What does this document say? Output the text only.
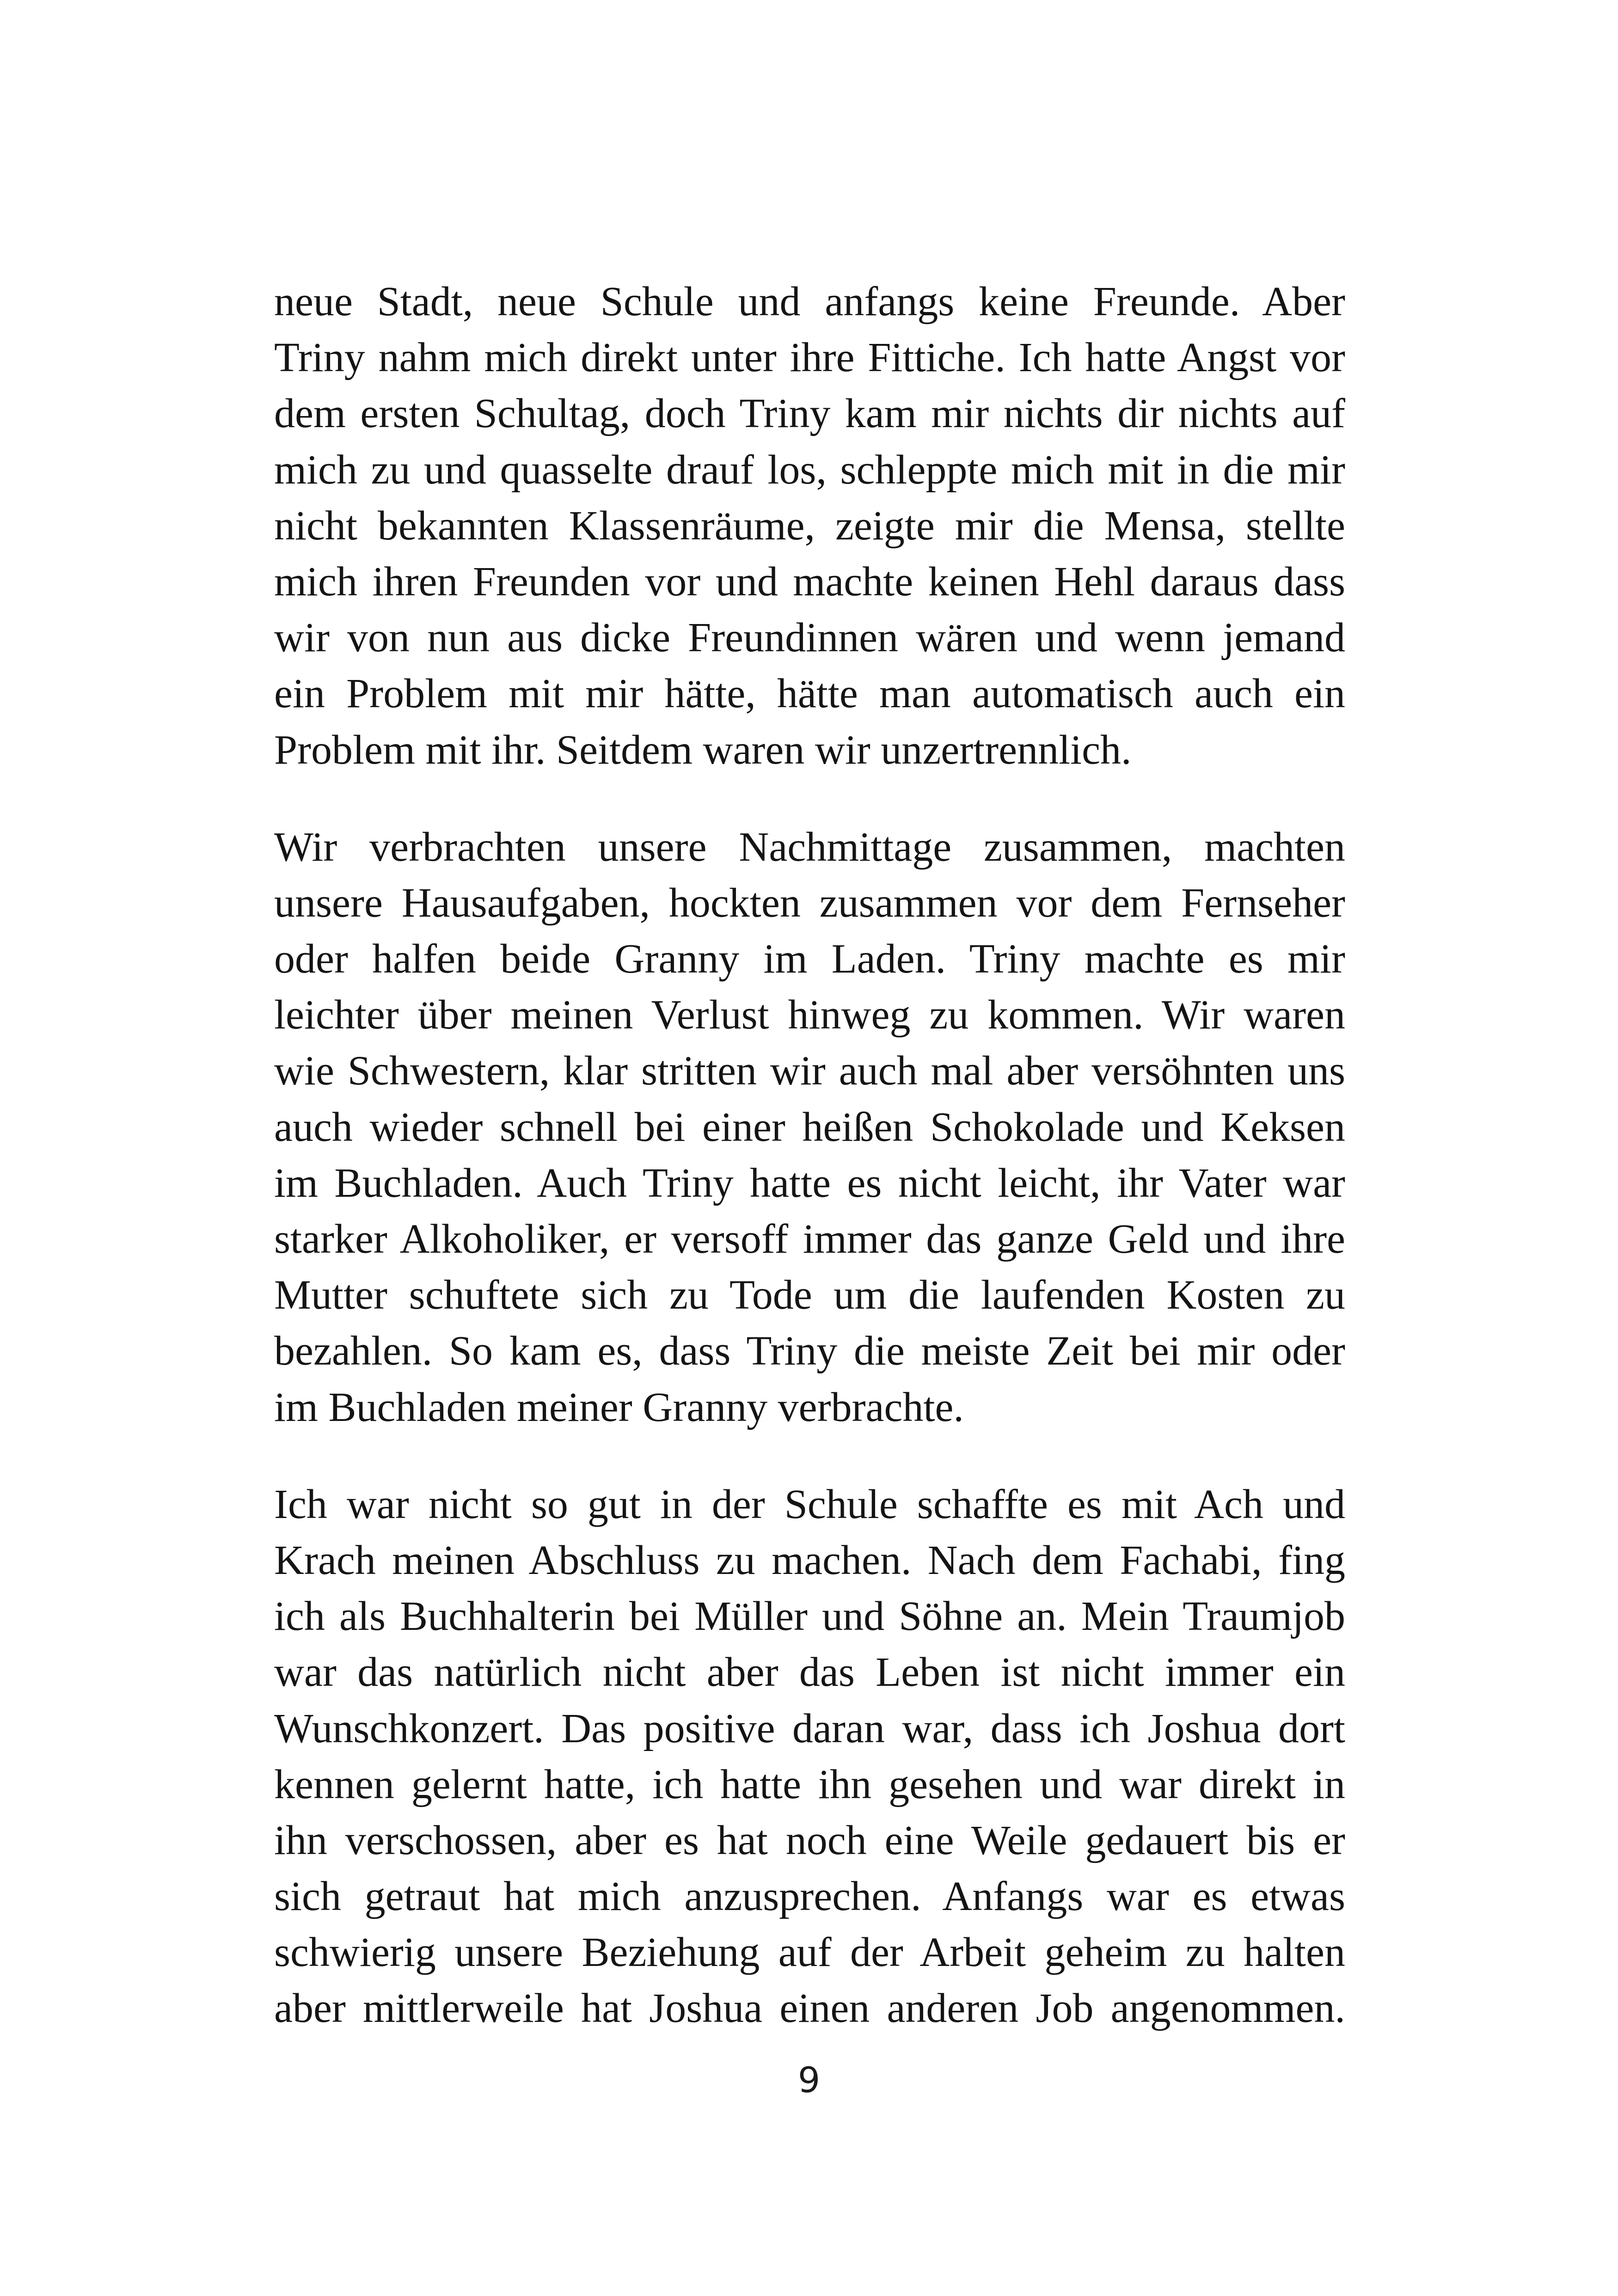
neue Stadt, neue Schule und anfangs keine Freunde. Aber
Triny nahm mich direkt unter ihre Fittiche. Ich hatte Angst vor
dem ersten Schultag, doch Triny kam mir nichts dir nichts auf
mich zu und quasselte drauf los, schleppte mich mit in die mir
nicht bekannten Klassenräume, zeigte mir die Mensa, stellte
mich ihren Freunden vor und machte keinen Hehl daraus dass
wir von nun aus dicke Freundinnen wären und wenn jemand
ein Problem mit mir hätte, hätte man automatisch auch ein
Problem mit ihr. Seitdem waren wir unzertrennlich.

Wir verbrachten unsere Nachmittage zusammen, machten
unsere Hausaufgaben, hockten zusammen vor dem Fernseher
oder halfen beide Granny im Laden. Triny machte es mir
leichter über meinen Verlust hinweg zu kommen. Wir waren
wie Schwestern, klar stritten wir auch mal aber versöhnten uns
auch wieder schnell bei einer heißen Schokolade und Keksen
im Buchladen. Auch Triny hatte es nicht leicht, ihr Vater war
starker Alkoholiker, er versoff immer das ganze Geld und ihre
Mutter schuftete sich zu Tode um die laufenden Kosten zu
bezahlen. So kam es, dass Triny die meiste Zeit bei mir oder
im Buchladen meiner Granny verbrachte.

Ich war nicht so gut in der Schule schaffte es mit Ach und
Krach meinen Abschluss zu machen. Nach dem Fachabi, fing
ich als Buchhalterin bei Müller und Söhne an. Mein Traumjob
war das natürlich nicht aber das Leben ist nicht immer ein
Wunschkonzert. Das positive daran war, dass ich Joshua dort
kennen gelernt hatte, ich hatte ihn gesehen und war direkt in
ihn verschossen, aber es hat noch eine Weile gedauert bis er
sich getraut hat mich anzusprechen. Anfangs war es etwas
schwierig unsere Beziehung auf der Arbeit geheim zu halten
aber mittlerweile hat Joshua einen anderen Job angenommen.

9
